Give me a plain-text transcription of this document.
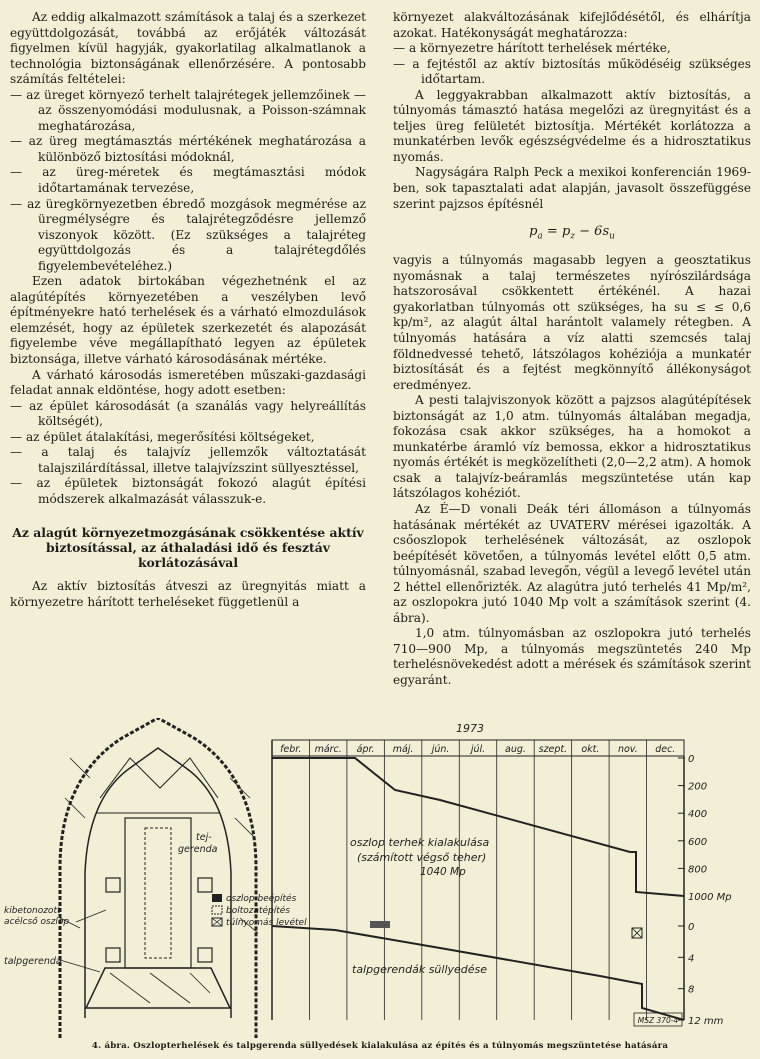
Az eddig alkalmazott számítások a talaj és a szerkezet együttdolgozását, továbbá az erőjáték változását figyelmen kívül hagyják, gyakorlatilag alkalmatlanok a technológia biztonságának ellenőrzésére. A pontosabb számítás feltételei:

— az üreget környező terhelt talajrétegek jellemzőinek — az összenyomódási modulusnak, a Poisson-számnak meghatározása,

— az üreg megtámasztás mértékének meghatározása a különböző biztosítási módoknál,

— az üreg-méretek és megtámasztási módok időtartamának tervezése,

— az üregkörnyezetben ébredő mozgások megmérése az üregmélységre és talajrétegződésre jellemző viszonyok között. (Ez szükséges a talajréteg együttdolgozás és a talajrétegdőlés figyelembevételéhez.)

Ezen adatok birtokában végezhetnénk el az alagútépítés környezetében a veszélyben levő építményekre ható terhelések és a várható elmozdulások elemzését, hogy az épületek szerkezetét és alapozását figyelembe véve megállapítható legyen az épületek biztonsága, illetve várható károsodásának mértéke.

A várható károsodás ismeretében műszaki-gazdasági feladat annak eldöntése, hogy adott esetben:

— az épület károsodását (a szanálás vagy helyreállítás költségét),

— az épület átalakítási, megerősítési költségeket,

— a talaj és talajvíz jellemzők változtatását talajszilárdítással, illetve talajvízszint süllyesztéssel,

— az épületek biztonságát fokozó alagút építési módszerek alkalmazását válasszuk-e.

Az alagút környezetmozgásának csökkentése aktív biztosítással, az áthaladási idő és fesztáv korlátozásával

Az aktív biztosítás átveszi az üregnyitás miatt a környezetre hárított terheléseket függetlenül a

környezet alakváltozásának kifejlődésétől, és elhárítja azokat. Hatékonyságát meghatározza:

— a környezetre hárított terhelések mértéke,

— a fejtéstől az aktív biztosítás működéséig szükséges időtartam.

A leggyakrabban alkalmazott aktív biztosítás, a túlnyomás támasztó hatása megelőzi az üregnyitást és a teljes üreg felületét biztosítja. Mértékét korlátozza a munkatérben levők egészségvédelme és a hidrosztatikus nyomás.

Nagyságára Ralph Peck a mexikoi konferencián 1969-ben, sok tapasztalati adat alapján, javasolt összefüggése szerint pajzsos építésnél

$p_a = p_z - 6s_u$

vagyis a túlnyomás magasabb legyen a geosztatikus nyomásnak a talaj természetes nyírószilárdsága hatszorosával csökkentett értékénél. A hazai gyakorlatban túlnyomás ott szükséges, ha su ≤ ≤ 0,6 kp/m², az alagút által harántolt valamely rétegben. A túlnyomás hatására a víz alatti szemcsés talaj földnedvessé tehető, látszólagos kohéziója a munkatér biztosítását és a fejtést megkönnyítő állékonyságot eredményez.

A pesti talajviszonyok között a pajzsos alagútépítések biztonságát az 1,0 atm. túlnyomás általában megadja, fokozása csak akkor szükséges, ha a homokot a munkatérbe áramló víz bemossa, ekkor a hidrosztatikus nyomás értékét is megközelítheti (2,0—2,2 atm). A homok csak a talajvíz-beáramlás megszüntetése után kap látszólagos kohéziót.

Az É—D vonali Deák téri állomáson a túlnyomás hatásának mértékét az UVATERV mérései igazolták. A csőoszlopok terhelésének változását, az oszlopok beépítését követően, a túlnyomás levétel előtt 0,5 atm. túlnyomásnál, szabad levegőn, végül a levegő levétel után 2 héttel ellenőrizték. Az alagútra jutó terhelés 41 Mp/m², az oszlopokra jutó 1040 Mp volt a számítások szerint (4. ábra).

1,0 atm. túlnyomásban az oszlopokra jutó terhelés 710—900 Mp, a túlnyomás megszüntetés 240 Mp terhelésnövekedést adott a mérések és számítások szerint egyaránt.

tej-
gerenda
kibetonozott
acélcső oszlop
talpgerenda
oszlop beépítés
boltozatépítés
túlnyomás levétel
1973
febr. márc. ápr. máj. jún. júl. aug. szept. okt. nov. dec.
0
200
400
600
800
1000 Mp
0
4
8
12 mm
oszlop terhek kialakulása
(számított végső teher)
1040 Mp
talpgerendák süllyedése
MSZ 370-4
4. ábra. Oszlopterhelések és talpgerenda süllyedések kialakulása az építés és a túlnyomás megszüntetése hatására
